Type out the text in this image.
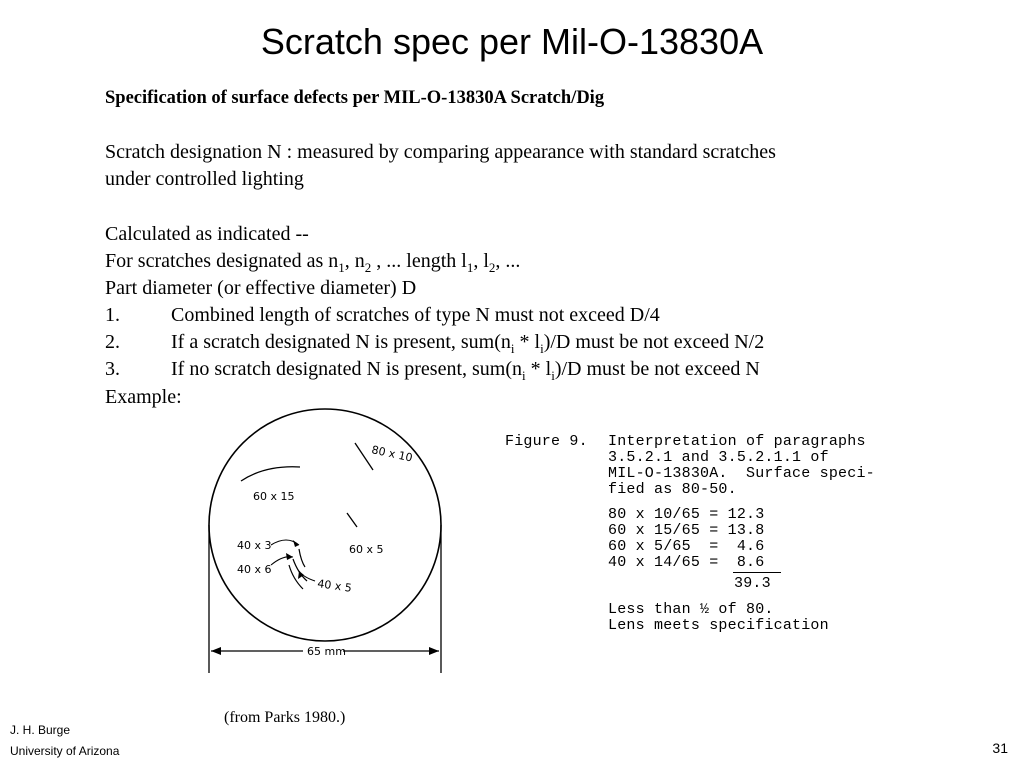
Scratch spec per Mil-O-13830A
Specification of surface defects per MIL-O-13830A Scratch/Dig
Scratch designation N : measured by comparing appearance with standard scratches
under controlled lighting
Calculated as indicated --
For scratches designated as $n_1$, $n_2$ , ... length $l_1$, $l_2$, ...
Part diameter (or effective diameter) D
1.	Combined length of scratches of type N must not exceed D/4
2.	If a scratch designated N is present, $sum(n_i * l_i)/D$ must be not exceed N/2
3.	If no scratch designated N is present, $sum(n_i * l_i)/D$ must be not exceed N
Example:
65 mm
80 x 10
60 x 15
60 x 5
40 x 3
40 x 6
40 x 5
Figure 9. Interpretation of paragraphs
3.5.2.1 and 3.5.2.1.1 of
MIL-O-13830A.  Surface speci-
fied as 80-50.
80 x 10/65 = 12.3
60 x 15/65 = 13.8
60 x 5/65  =  4.6
40 x 14/65 =  8.6
39.3
Less than ½ of 80.
Lens meets specification
(from Parks 1980.)
J. H. Burge
University of Arizona	31
